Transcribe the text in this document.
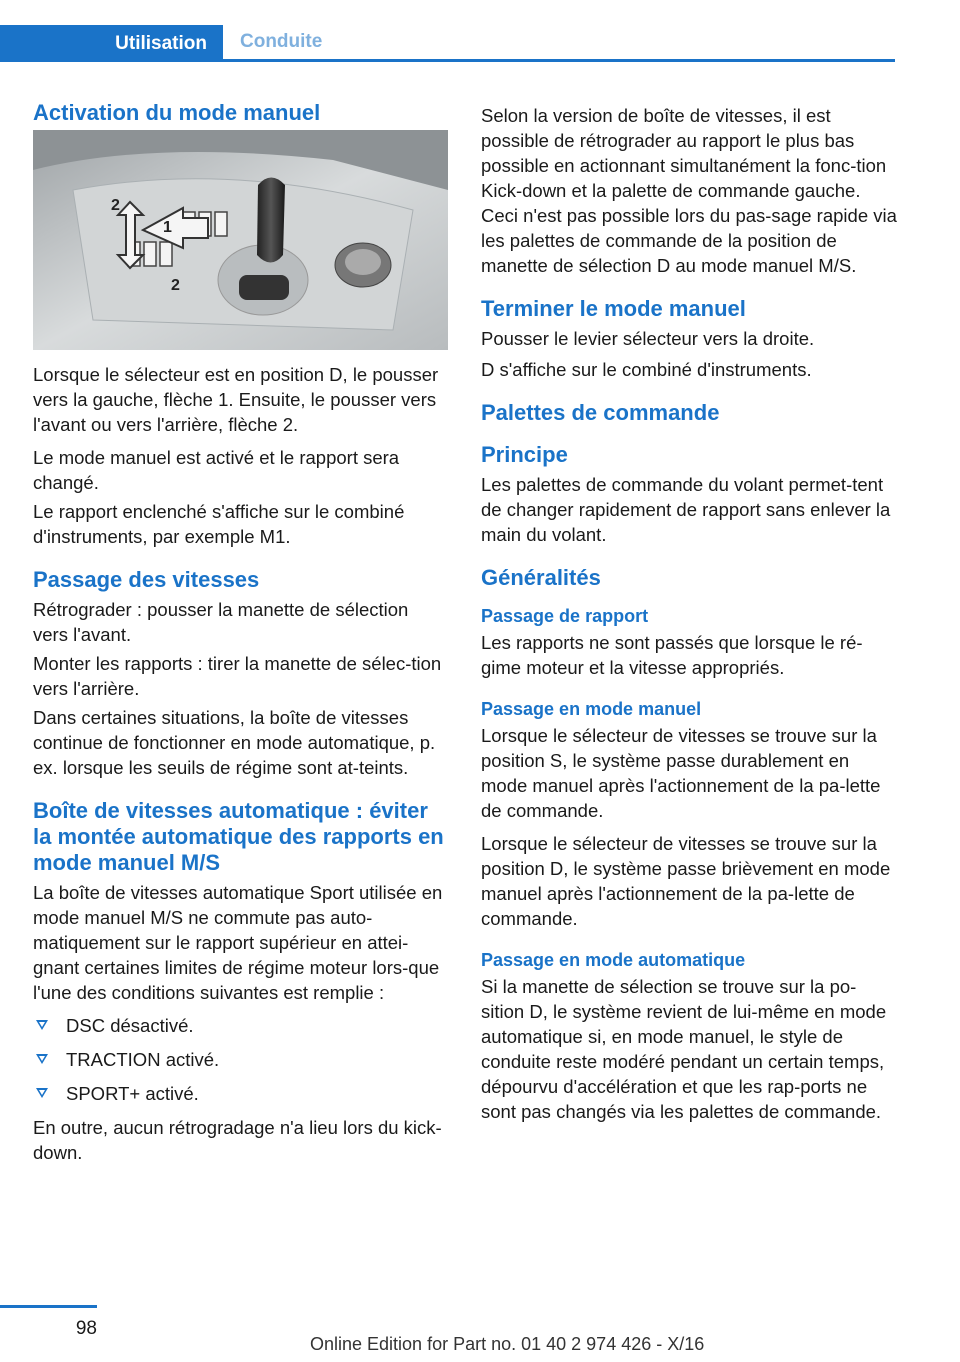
Utilisation Conduite
Activation du mode manuel
1
2
2

Lorsque le sélecteur est en position D, le pousser vers la gauche, flèche 1. Ensuite, le pousser vers l'avant ou vers l'arrière, flèche 2.

Le mode manuel est activé et le rapport sera changé.

Le rapport enclenché s'affiche sur le combiné d'instruments, par exemple M1.

Passage des vitesses

Rétrograder : pousser la manette de sélection vers l'avant.

Monter les rapports : tirer la manette de sélec‐tion vers l'arrière.

Dans certaines situations, la boîte de vitesses continue de fonctionner en mode automatique, p. ex. lorsque les seuils de régime sont at‐teints.

Boîte de vitesses automatique : éviter la montée automatique des rapports en mode manuel M/S

La boîte de vitesses automatique Sport utilisée en mode manuel M/S ne commute pas auto‐matiquement sur le rapport supérieur en attei‐gnant certaines limites de régime moteur lors‐que l'une des conditions suivantes est remplie :

DSC désactivé.
TRACTION activé.
SPORT+ activé.

En outre, aucun rétrogradage n'a lieu lors du kick-down.

Selon la version de boîte de vitesses, il est possible de rétrograder au rapport le plus bas possible en actionnant simultanément la fonc‐tion Kick-down et la palette de commande gauche. Ceci n'est pas possible lors du pas‐sage rapide via les palettes de commande de la position de manette de sélection D au mode manuel M/S.

Terminer le mode manuel

Pousser le levier sélecteur vers la droite.

D s'affiche sur le combiné d'instruments.

Palettes de commande
Principe

Les palettes de commande du volant permet‐tent de changer rapidement de rapport sans enlever la main du volant.

Généralités
Passage de rapport

Les rapports ne sont passés que lorsque le ré‐gime moteur et la vitesse appropriés.

Passage en mode manuel

Lorsque le sélecteur de vitesses se trouve sur la position S, le système passe durablement en mode manuel après l'actionnement de la pa‐lette de commande.

Lorsque le sélecteur de vitesses se trouve sur la position D, le système passe brièvement en mode manuel après l'actionnement de la pa‐lette de commande.

Passage en mode automatique

Si la manette de sélection se trouve sur la po‐sition D, le système revient de lui-même en mode automatique si, en mode manuel, le style de conduite reste modéré pendant un certain temps, dépourvu d'accélération et que les rap‐ports ne sont pas changés via les palettes de commande.

98
Online Edition for Part no. 01 40 2 974 426 - X/16
